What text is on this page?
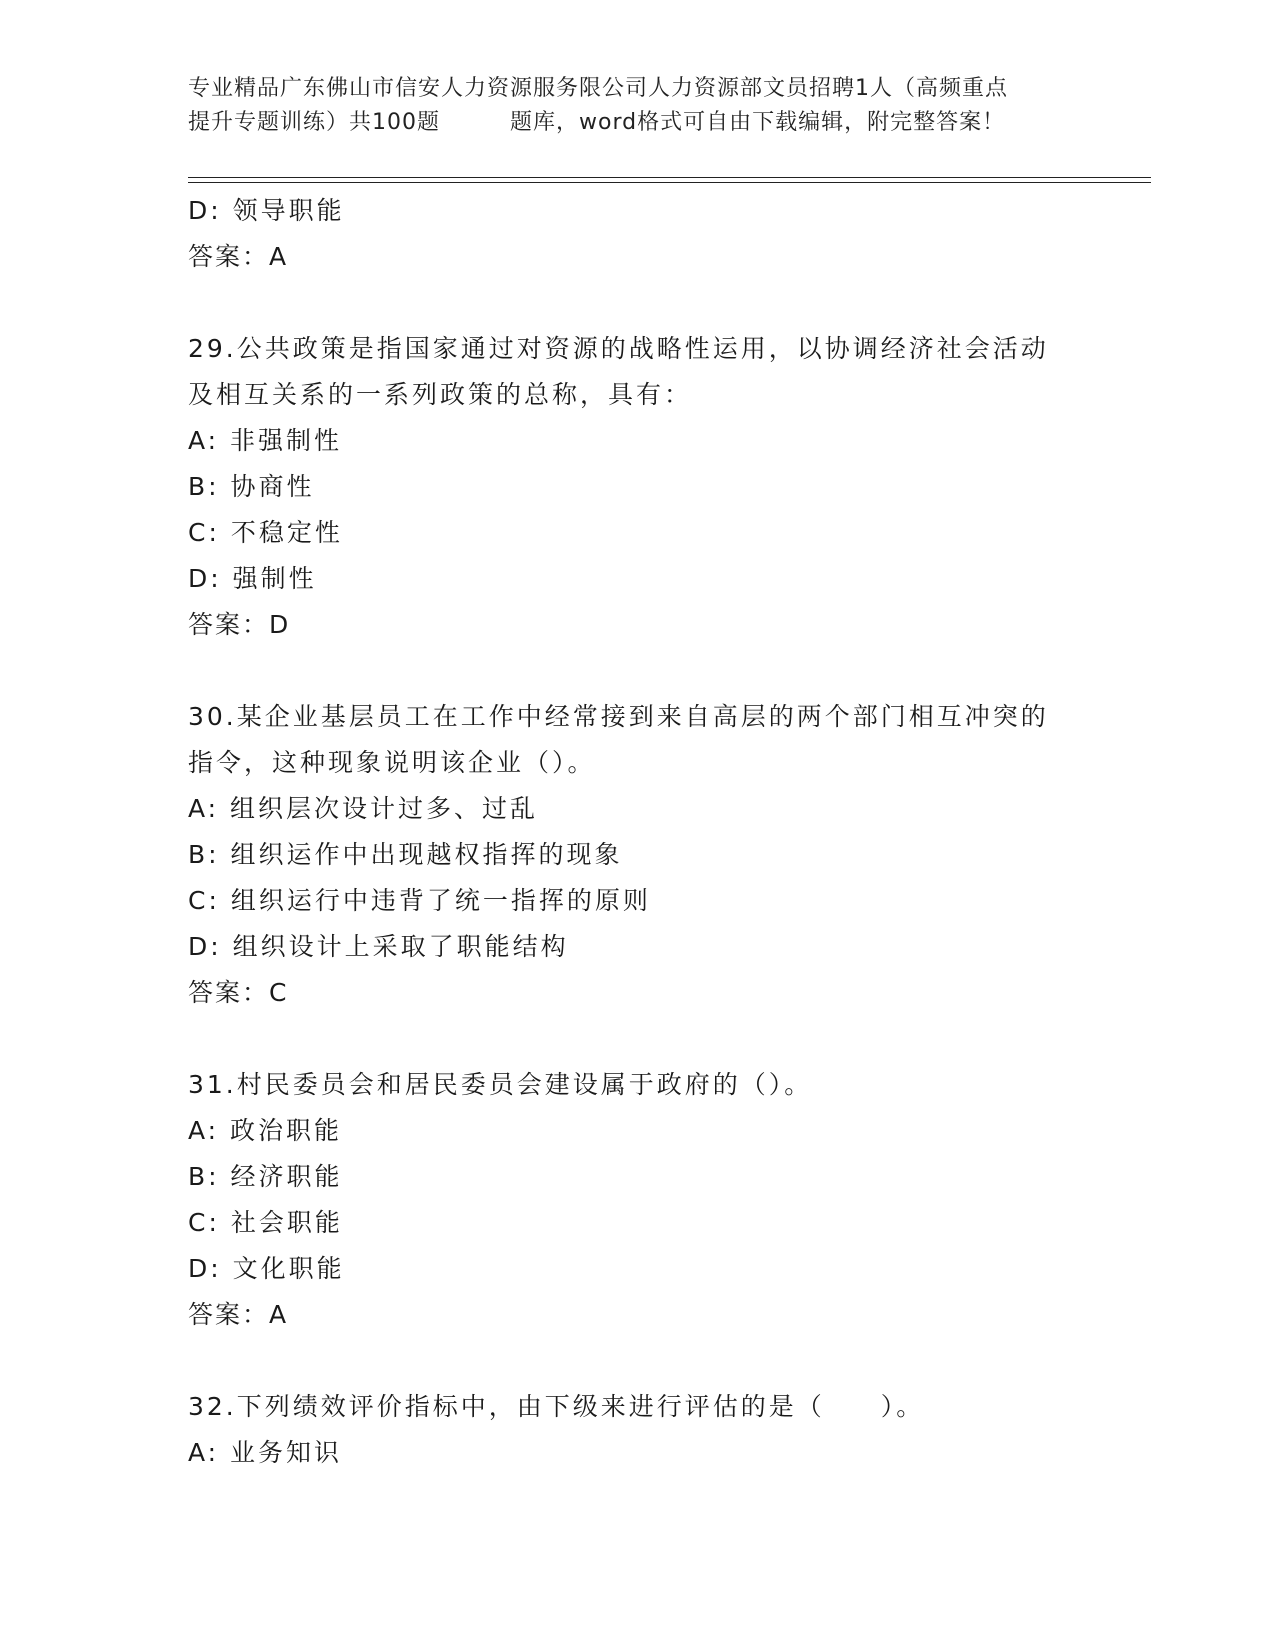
专业精品广东佛山市信安人力资源服务限公司人力资源部文员招聘1人（高频重点
提升专题训练）共100题	题库，word格式可自由下载编辑，附完整答案！
D: 领导职能
答案：A
29.公共政策是指国家通过对资源的战略性运用，以协调经济社会活动
及相互关系的一系列政策的总称，具有：
A: 非强制性
B: 协商性
C: 不稳定性
D: 强制性
答案：D
30.某企业基层员工在工作中经常接到来自高层的两个部门相互冲突的
指令，这种现象说明该企业（）。
A: 组织层次设计过多、过乱
B: 组织运作中出现越权指挥的现象
C: 组织运行中违背了统一指挥的原则
D: 组织设计上采取了职能结构
答案：C
31.村民委员会和居民委员会建设属于政府的（）。
A: 政治职能
B: 经济职能
C: 社会职能
D: 文化职能
答案：A
32.下列绩效评价指标中，由下级来进行评估的是（　　）。
A: 业务知识
